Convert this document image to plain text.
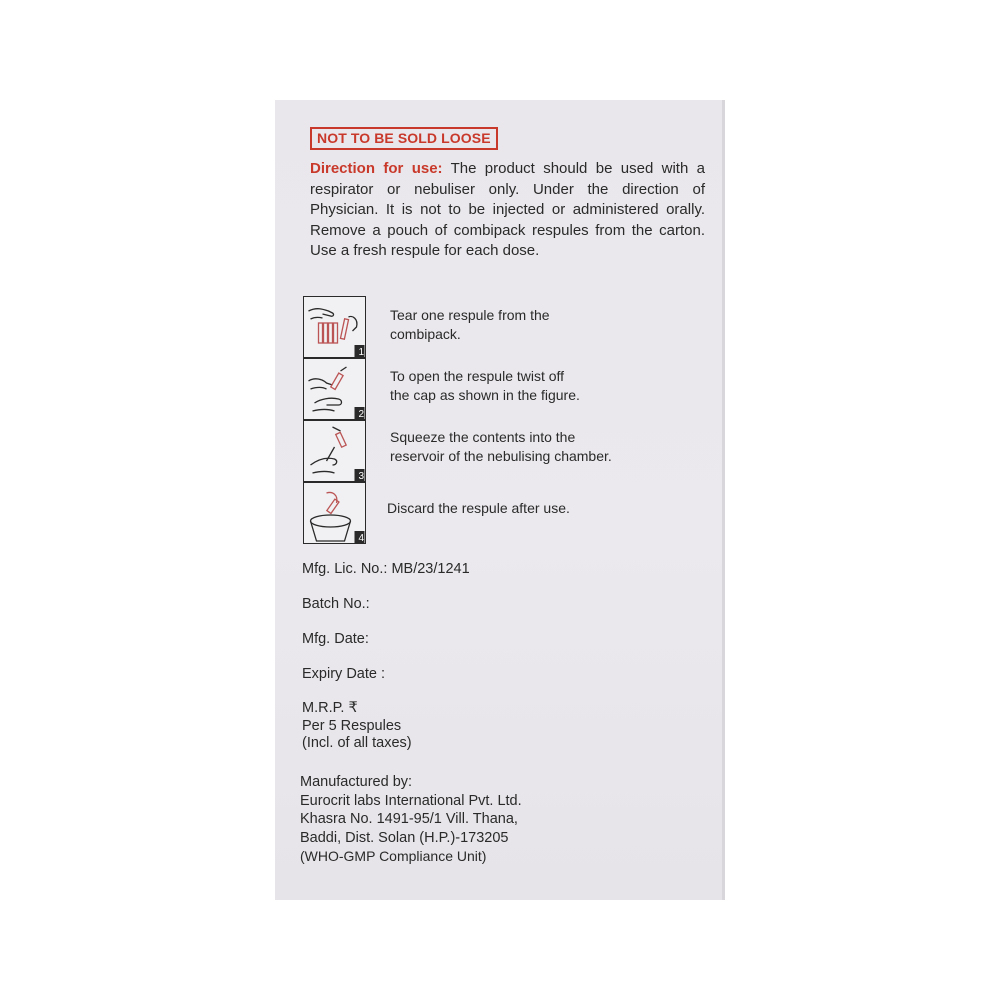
NOT TO BE SOLD LOOSE
Direction for use: The product should be used with a respirator or nebuliser only. Under the direction of Physician. It is not to be injected or administered orally. Remove a pouch of combipack respules from the carton. Use a fresh respule for each dose.
1
Tear one respule from the
combipack.
2
To open the respule twist off
the cap as shown in the figure.
3
Squeeze the contents into the
reservoir of the nebulising chamber.
4
Discard the respule after use.
Mfg. Lic. No.: MB/23/1241
Batch No.:
Mfg. Date:
Expiry Date :
M.R.P. ₹
Per 5 Respules
(Incl. of all taxes)
Manufactured by:
Eurocrit labs International Pvt. Ltd.
Khasra No. 1491-95/1 Vill. Thana,
Baddi, Dist. Solan (H.P.)-173205
(WHO-GMP Compliance Unit)
